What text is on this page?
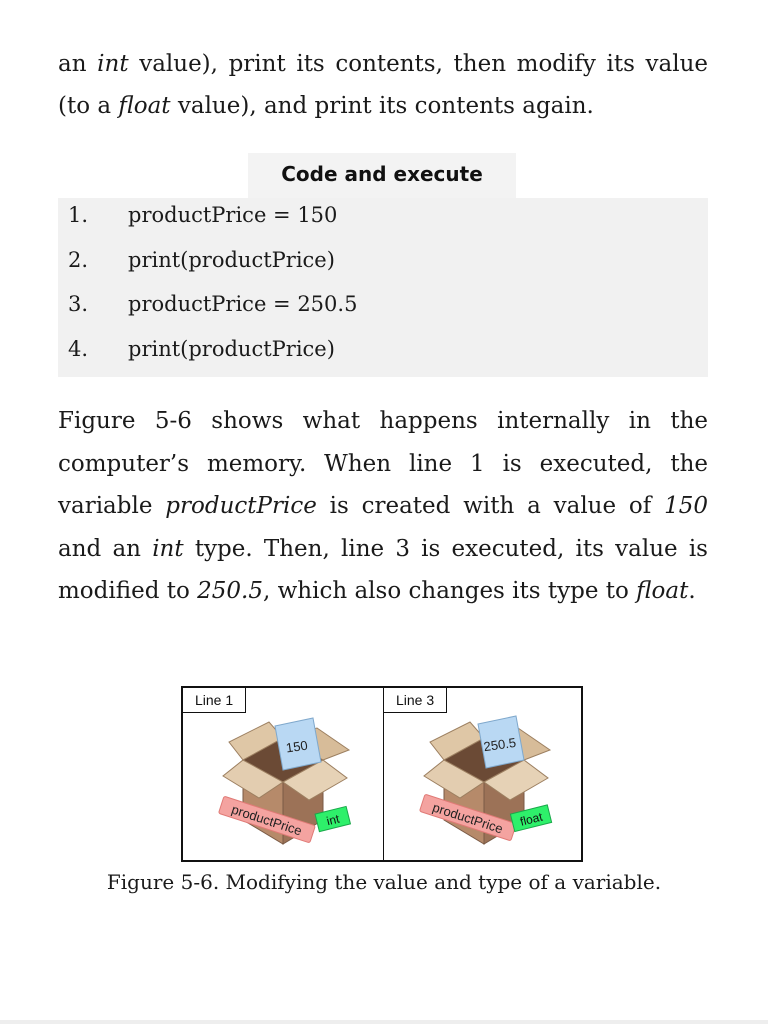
an int value), print its contents, then modify its value (to a float value), and print its contents again.

Code and execute
1. productPrice = 150
2. print(productPrice)
3. productPrice = 250.5
4. print(productPrice)

Figure 5-6 shows what happens internally in the computer’s memory. When line 1 is executed, the variable productPrice is created with a value of 150 and an int type. Then, line 3 is executed, its value is modified to 250.5, which also changes its type to float.

150
productPrice int
Line 1
250.5
productPrice float
Line 3

Figure 5-6. Modifying the value and type of a variable.
